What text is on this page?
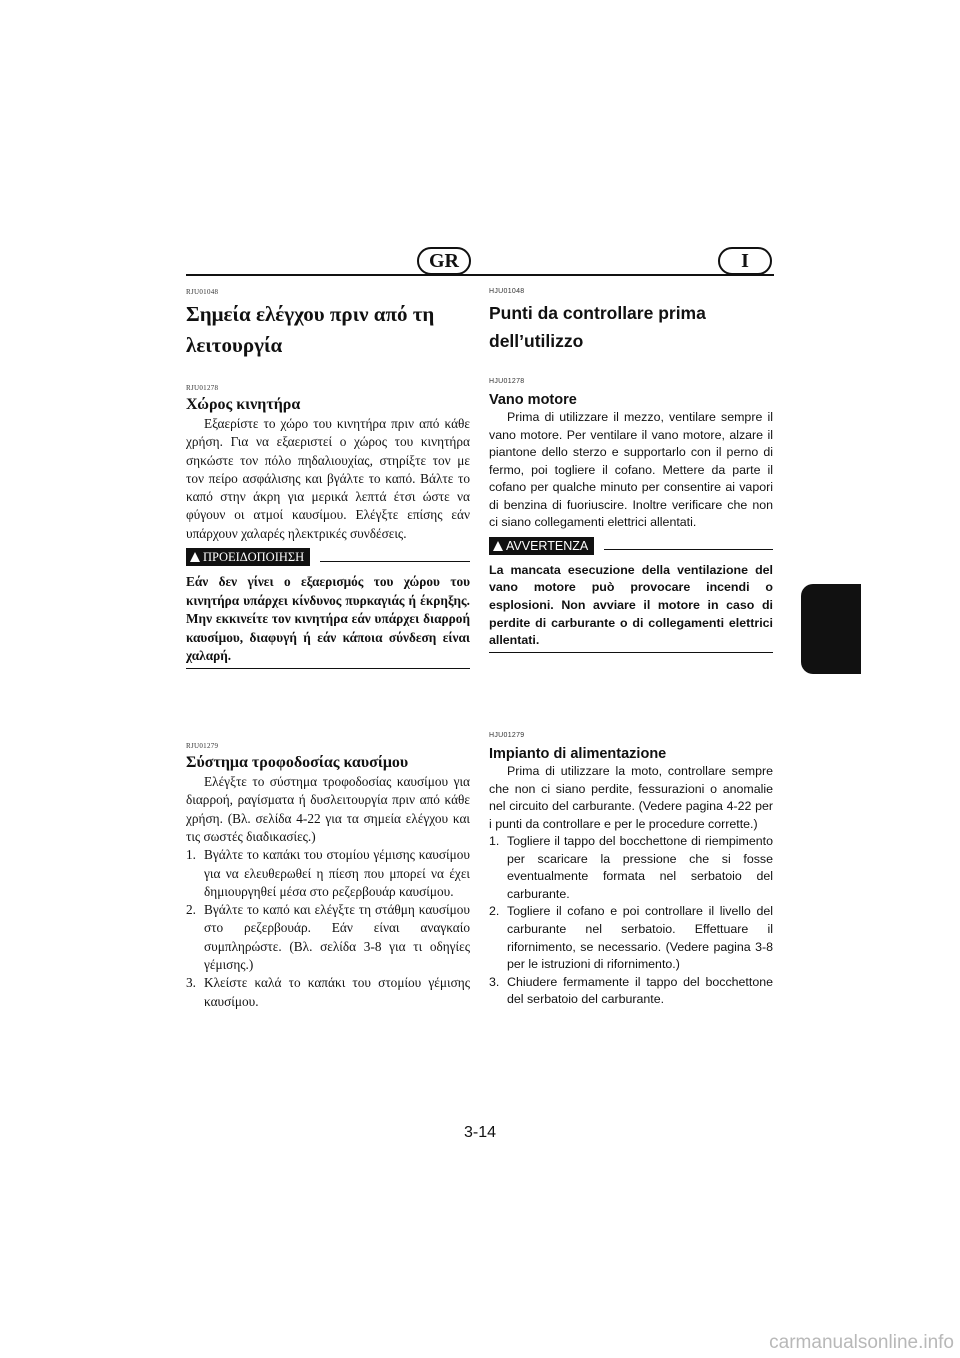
GR	I

RJU01048

Σημεία ελέγχου πριν από τη λειτουργία

RJU01278

Χώρος κινητήρα

Εξαερίστε το χώρο του κινητήρα πριν από κάθε χρήση. Για να εξαεριστεί ο χώρος του κινητήρα σηκώστε τον πόλο πηδαλιουχίας, στηρίξτε τον με τον πείρο ασφάλισης και βγάλτε το καπό. Βάλτε το καπό στην άκρη για μερικά λεπτά έτσι ώστε να φύγουν οι ατμοί καυσίμου. Ελέγξτε επίσης εάν υπάρχουν χαλαρές ηλεκτρικές συνδέσεις.

ΠΡΟΕΙΔΟΠΟΙΗΣΗ

Εάν δεν γίνει ο εξαερισμός του χώρου του κινητήρα υπάρχει κίνδυνος πυρκαγιάς ή έκρηξης. Μην εκκινείτε τον κινητήρα εάν υπάρχει διαρροή καυσίμου, διαφυγή ή εάν κάποια σύνδεση είναι χαλαρή.

RJU01279

Σύστημα τροφοδοσίας καυσίμου

Ελέγξτε το σύστημα τροφοδοσίας καυσίμου για διαρροή, ραγίσματα ή δυσλειτουργία πριν από κάθε χρήση. (Βλ. σελίδα 4-22 για τα σημεία ελέγχου και τις σωστές διαδικασίες.)

1. Βγάλτε το καπάκι του στομίου γέμισης καυσίμου για να ελευθερωθεί η πίεση που μπορεί να έχει δημιουργηθεί μέσα στο ρεζερβουάρ καυσίμου.
2. Βγάλτε το καπό και ελέγξτε τη στάθμη καυσίμου στο ρεζερβουάρ. Εάν είναι αναγκαίο συμπληρώστε. (Βλ. σελίδα 3-8 για τι οδηγίες γέμισης.)
3. Κλείστε καλά το καπάκι του στομίου γέμισης καυσίμου.

HJU01048

Punti da controllare prima dell’utilizzo

HJU01278

Vano motore

Prima di utilizzare il mezzo, ventilare sempre il vano motore. Per ventilare il vano motore, alzare il piantone dello sterzo e supportarlo con il perno di fermo, poi togliere il cofano. Mettere da parte il cofano per qualche minuto per consentire ai vapori di benzina di fuoriuscire. Inoltre verificare che non ci siano collegamenti elettrici allentati.

AVVERTENZA

La mancata esecuzione della ventilazione del vano motore può provocare incendi o esplosioni. Non avviare il motore in caso di perdite di carburante o di collegamenti elettrici allentati.

HJU01279

Impianto di alimentazione

Prima di utilizzare la moto, controllare sempre che non ci siano perdite, fessurazioni o anomalie nel circuito del carburante. (Vedere pagina 4-22 per i punti da controllare e per le procedure corrette.)

1. Togliere il tappo del bocchettone di riempimento per scaricare la pressione che si fosse eventualmente formata nel serbatoio del carburante.
2. Togliere il cofano e poi controllare il livello del carburante nel serbatoio. Effettuare il rifornimento, se necessario. (Vedere pagina 3-8 per le istruzioni di rifornimento.)
3. Chiudere fermamente il tappo del bocchettone del serbatoio del carburante.
3-14
carmanualsonline.info
